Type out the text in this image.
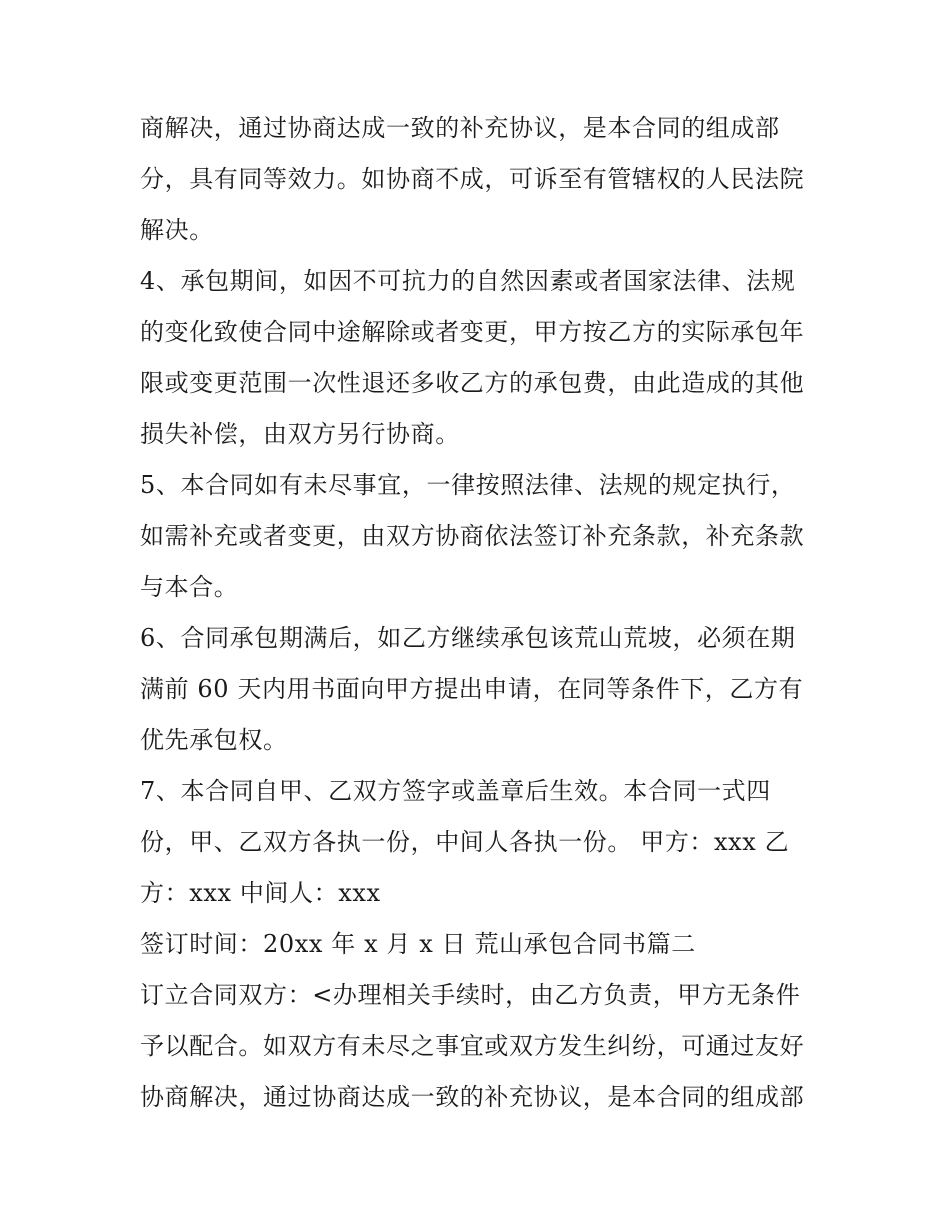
商解决，通过协商达成一致的补充协议，是本合同的组成部
分，具有同等效力。如协商不成，可诉至有管辖权的人民法院
解决。
4、承包期间，如因不可抗力的自然因素或者国家法律、法规
的变化致使合同中途解除或者变更，甲方按乙方的实际承包年
限或变更范围一次性退还多收乙方的承包费，由此造成的其他
损失补偿，由双方另行协商。
5、本合同如有未尽事宜，一律按照法律、法规的规定执行，
如需补充或者变更，由双方协商依法签订补充条款，补充条款
与本合。
6、合同承包期满后，如乙方继续承包该荒山荒坡，必须在期
满前 60 天内用书面向甲方提出申请，在同等条件下，乙方有
优先承包权。
7、本合同自甲、乙双方签字或盖章后生效。本合同一式四
份，甲、乙双方各执一份，中间人各执一份。 甲方：xxx 乙
方：xxx 中间人：xxx
签订时间：20xx 年 x 月 x 日 荒山承包合同书篇二
订立合同双方：<办理相关手续时，由乙方负责，甲方无条件
予以配合。如双方有未尽之事宜或双方发生纠纷，可通过友好
协商解决，通过协商达成一致的补充协议，是本合同的组成部
